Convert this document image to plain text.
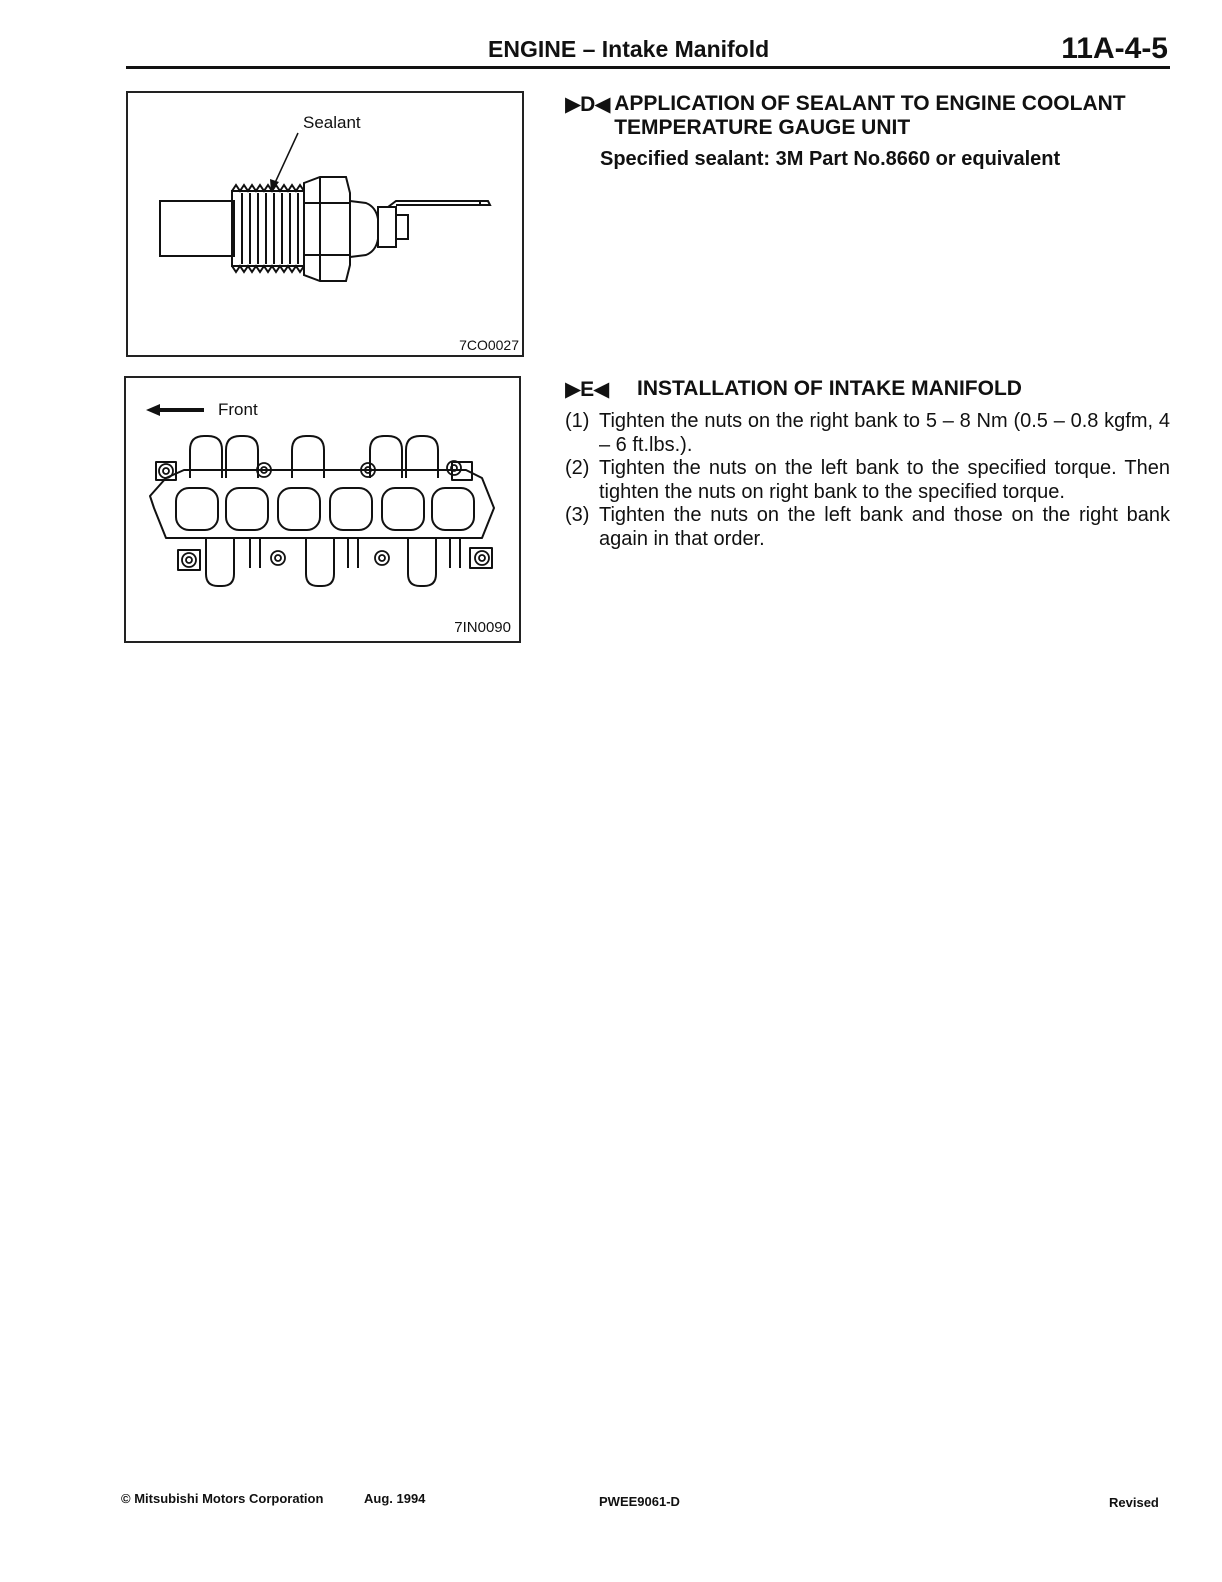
ENGINE – Intake Manifold	11A-4-5
Sealant
7CO0027
Front
7IN0090
▶D◀ APPLICATION OF SEALANT TO ENGINE COOLANT TEMPERATURE GAUGE UNIT
Specified sealant: 3M Part No.8660 or equivalent
▶E◀	INSTALLATION OF INTAKE MANIFOLD
(1) Tighten the nuts on the right bank to 5 – 8 Nm (0.5 – 0.8 kgfm, 4 – 6 ft.lbs.).
(2) Tighten the nuts on the left bank to the specified torque. Then tighten the nuts on right bank to the specified torque.
(3) Tighten the nuts on the left bank and those on the right bank again in that order.
© Mitsubishi Motors Corporation	Aug. 1994	PWEE9061-D	Revised
